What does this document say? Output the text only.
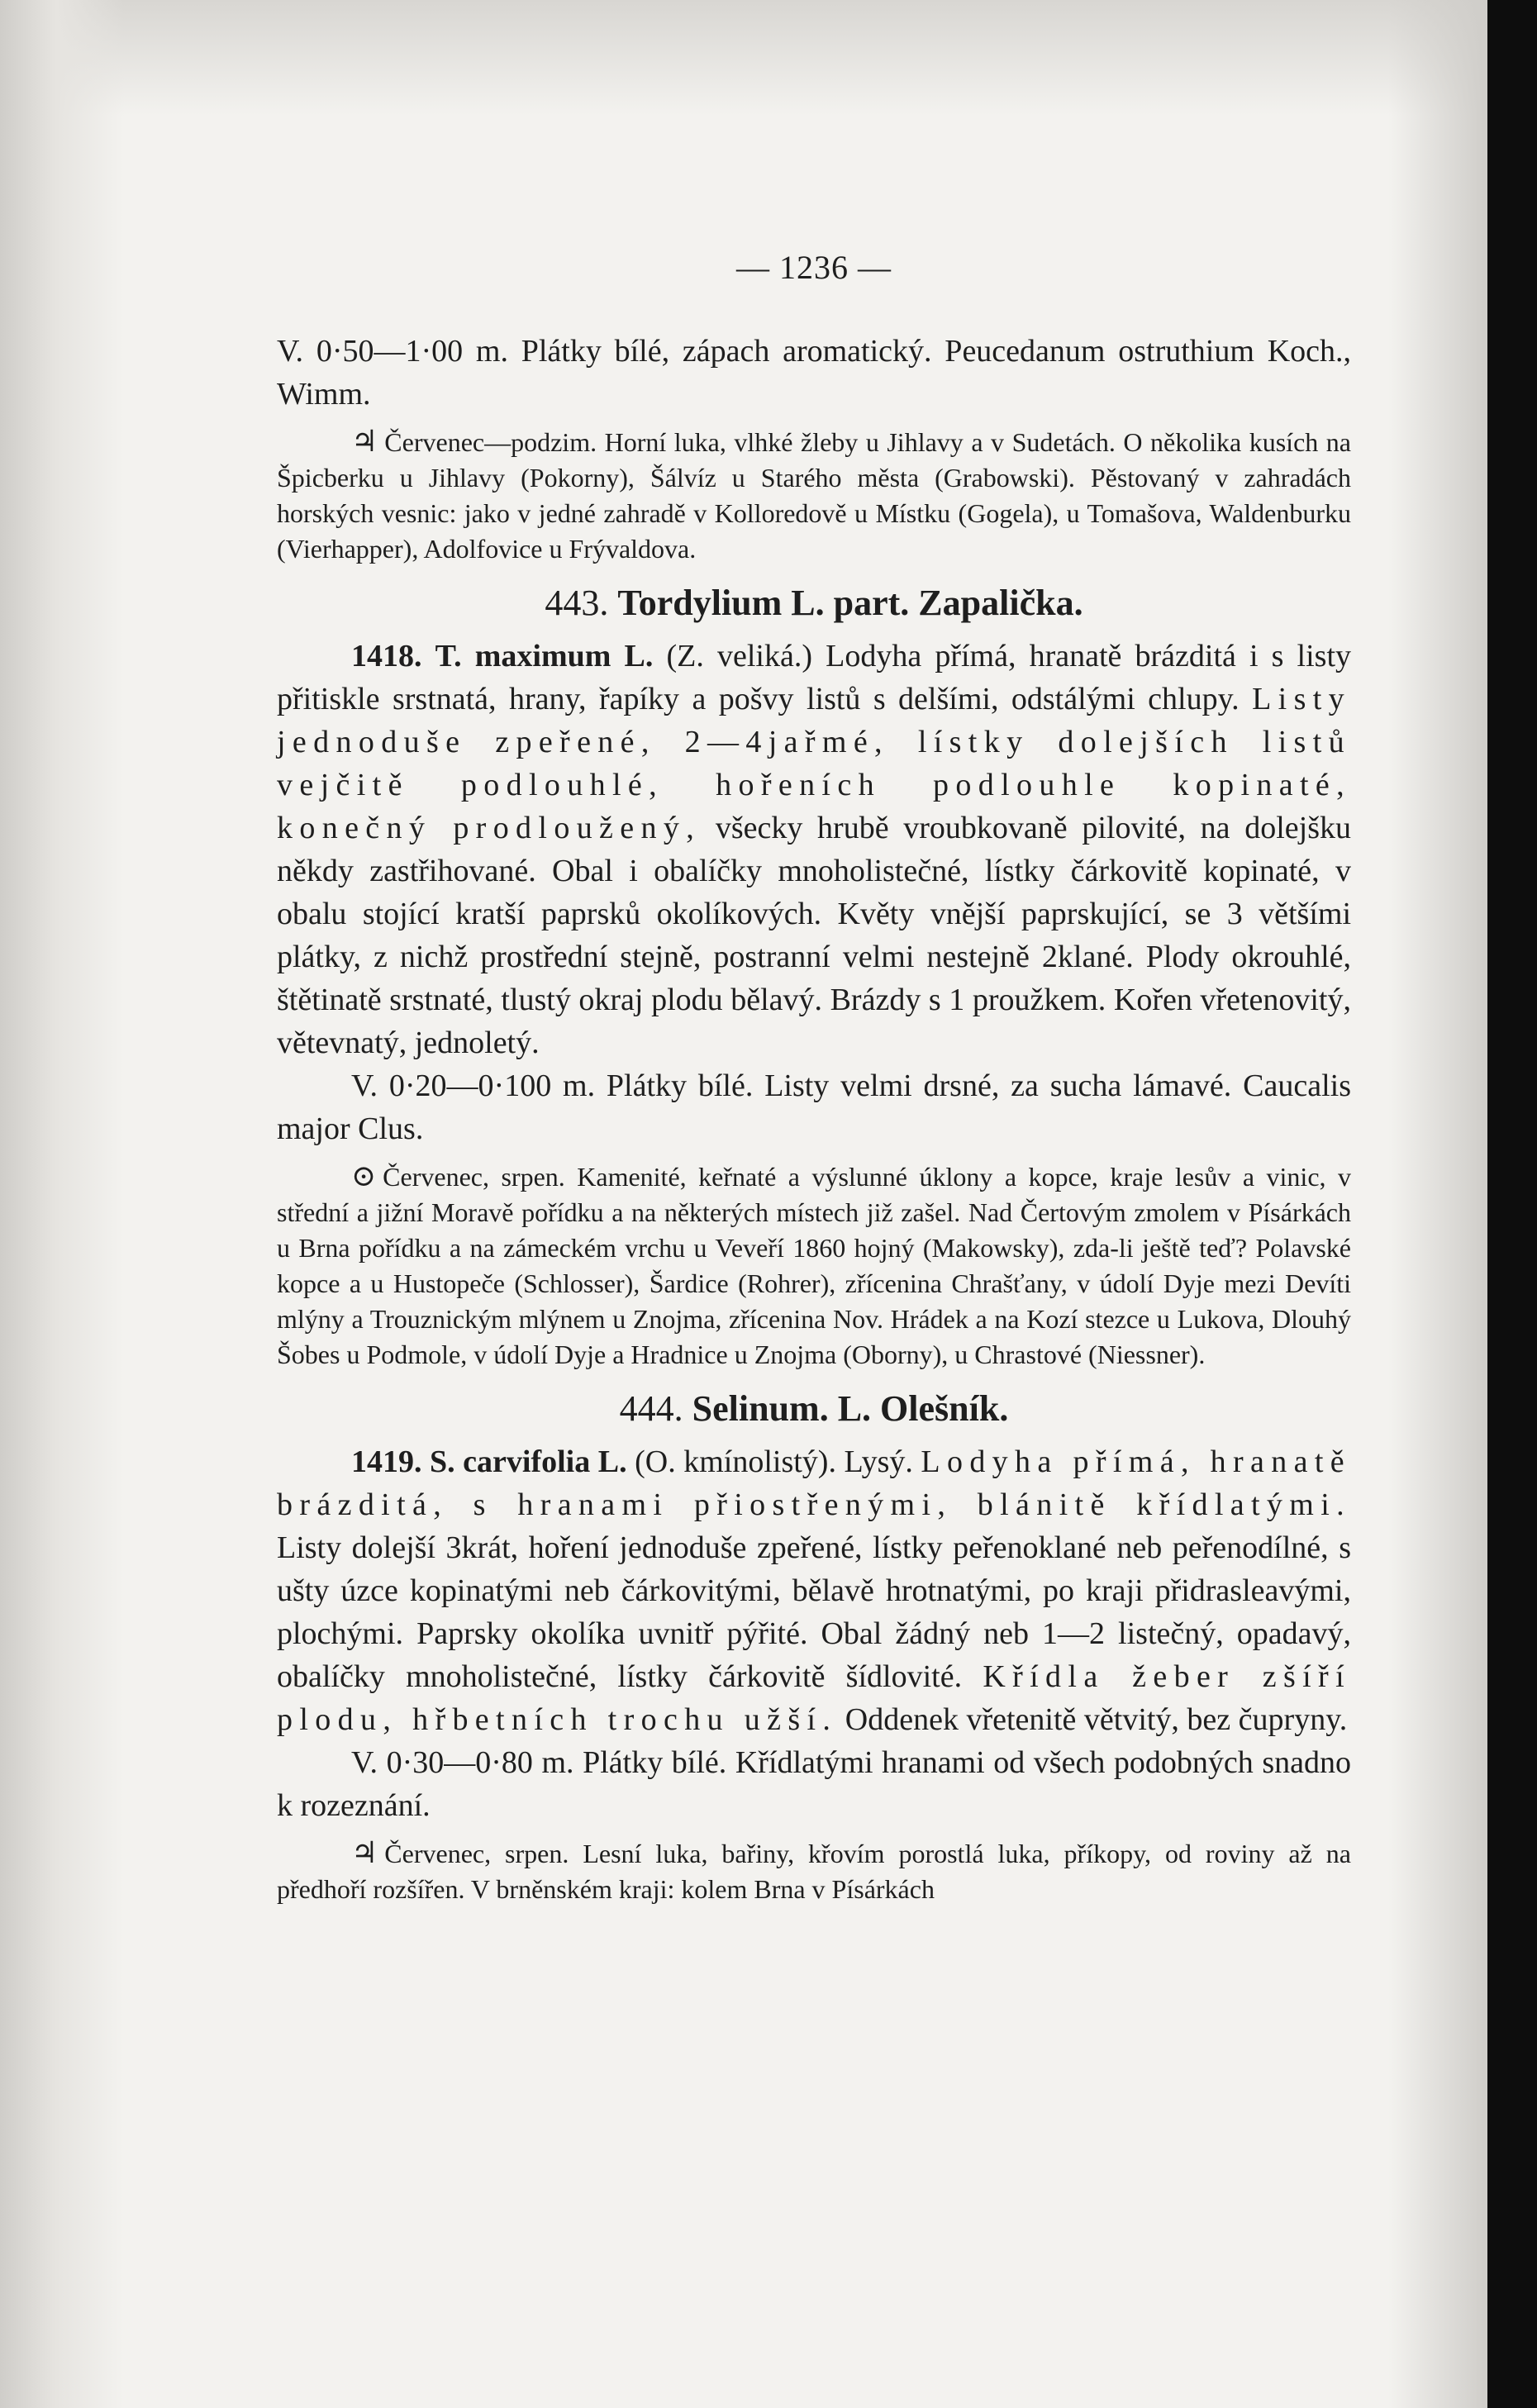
— 1236 —

V. 0·50—1·00 m. Plátky bílé, zápach aromatický. Peucedanum ostruthium Koch., Wimm.

♃ Červenec—podzim. Horní luka, vlhké žleby u Jihlavy a v Sudetách. O několika kusích na Špicberku u Jihlavy (Pokorny), Šálvíz u Starého města (Grabowski). Pěstovaný v zahradách horských vesnic: jako v jedné zahradě v Kolloredově u Místku (Gogela), u Tomašova, Waldenburku (Vierhapper), Adolfovice u Frývaldova.

443. Tordylium L. part. Zapalička.

1418. T. maximum L. (Z. veliká.) Lodyha přímá, hranatě brázditá i s listy přitiskle srstnatá, hrany, řapíky a pošvy listů s delšími, odstálými chlupy. Listy jednoduše zpeřené, 2—4jařmé, lístky dolejších listů vejčitě podlouhlé, hořeních podlouhle kopinaté, konečný prodloužený, všecky hrubě vroubkovaně pilovité, na dolejšku někdy zastřihované. Obal i obalíčky mnoholistečné, lístky čárkovitě kopinaté, v obalu stojící kratší paprsků okolíkových. Květy vnější paprskující, se 3 většími plátky, z nichž prostřední stejně, postranní velmi nestejně 2klané. Plody okrouhlé, štětinatě srstnaté, tlustý okraj plodu bělavý. Brázdy s 1 proužkem. Kořen vřetenovitý, větevnatý, jednoletý.

V. 0·20—0·100 m. Plátky bílé. Listy velmi drsné, za sucha lámavé. Caucalis major Clus.

⊙ Červenec, srpen. Kamenité, keřnaté a výslunné úklony a kopce, kraje lesův a vinic, v střední a jižní Moravě pořídku a na některých místech již zašel. Nad Čertovým zmolem v Písárkách u Brna pořídku a na zámeckém vrchu u Veveří 1860 hojný (Makowsky), zda-li ještě teď? Polavské kopce a u Hustopeče (Schlosser), Šardice (Rohrer), zřícenina Chrašťany, v údolí Dyje mezi Devíti mlýny a Trouznickým mlýnem u Znojma, zřícenina Nov. Hrádek a na Kozí stezce u Lukova, Dlouhý Šobes u Podmole, v údolí Dyje a Hradnice u Znojma (Oborny), u Chrastové (Niessner).

444. Selinum. L. Olešník.

1419. S. carvifolia L. (O. kmínolistý). Lysý. Lodyha přímá, hranatě brázditá, s hranami přiostřenými, blánitě křídlatými. Listy dolejší 3krát, hoření jednoduše zpeřené, lístky peřenoklané neb peřenodílné, s ušty úzce kopinatými neb čárkovitými, bělavě hrotnatými, po kraji přidrasleavými, plochými. Paprsky okolíka uvnitř pýřité. Obal žádný neb 1—2 listečný, opadavý, obalíčky mnoholistečné, lístky čárkovitě šídlovité. Křídla žeber zšíří plodu, hřbetních trochu užší. Oddenek vřetenitě větvitý, bez čupryny.

V. 0·30—0·80 m. Plátky bílé. Křídlatými hranami od všech podobných snadno k rozeznání.

♃ Červenec, srpen. Lesní luka, bařiny, křovím porostlá luka, příkopy, od roviny až na předhoří rozšířen. V brněnském kraji: kolem Brna v Písárkách
